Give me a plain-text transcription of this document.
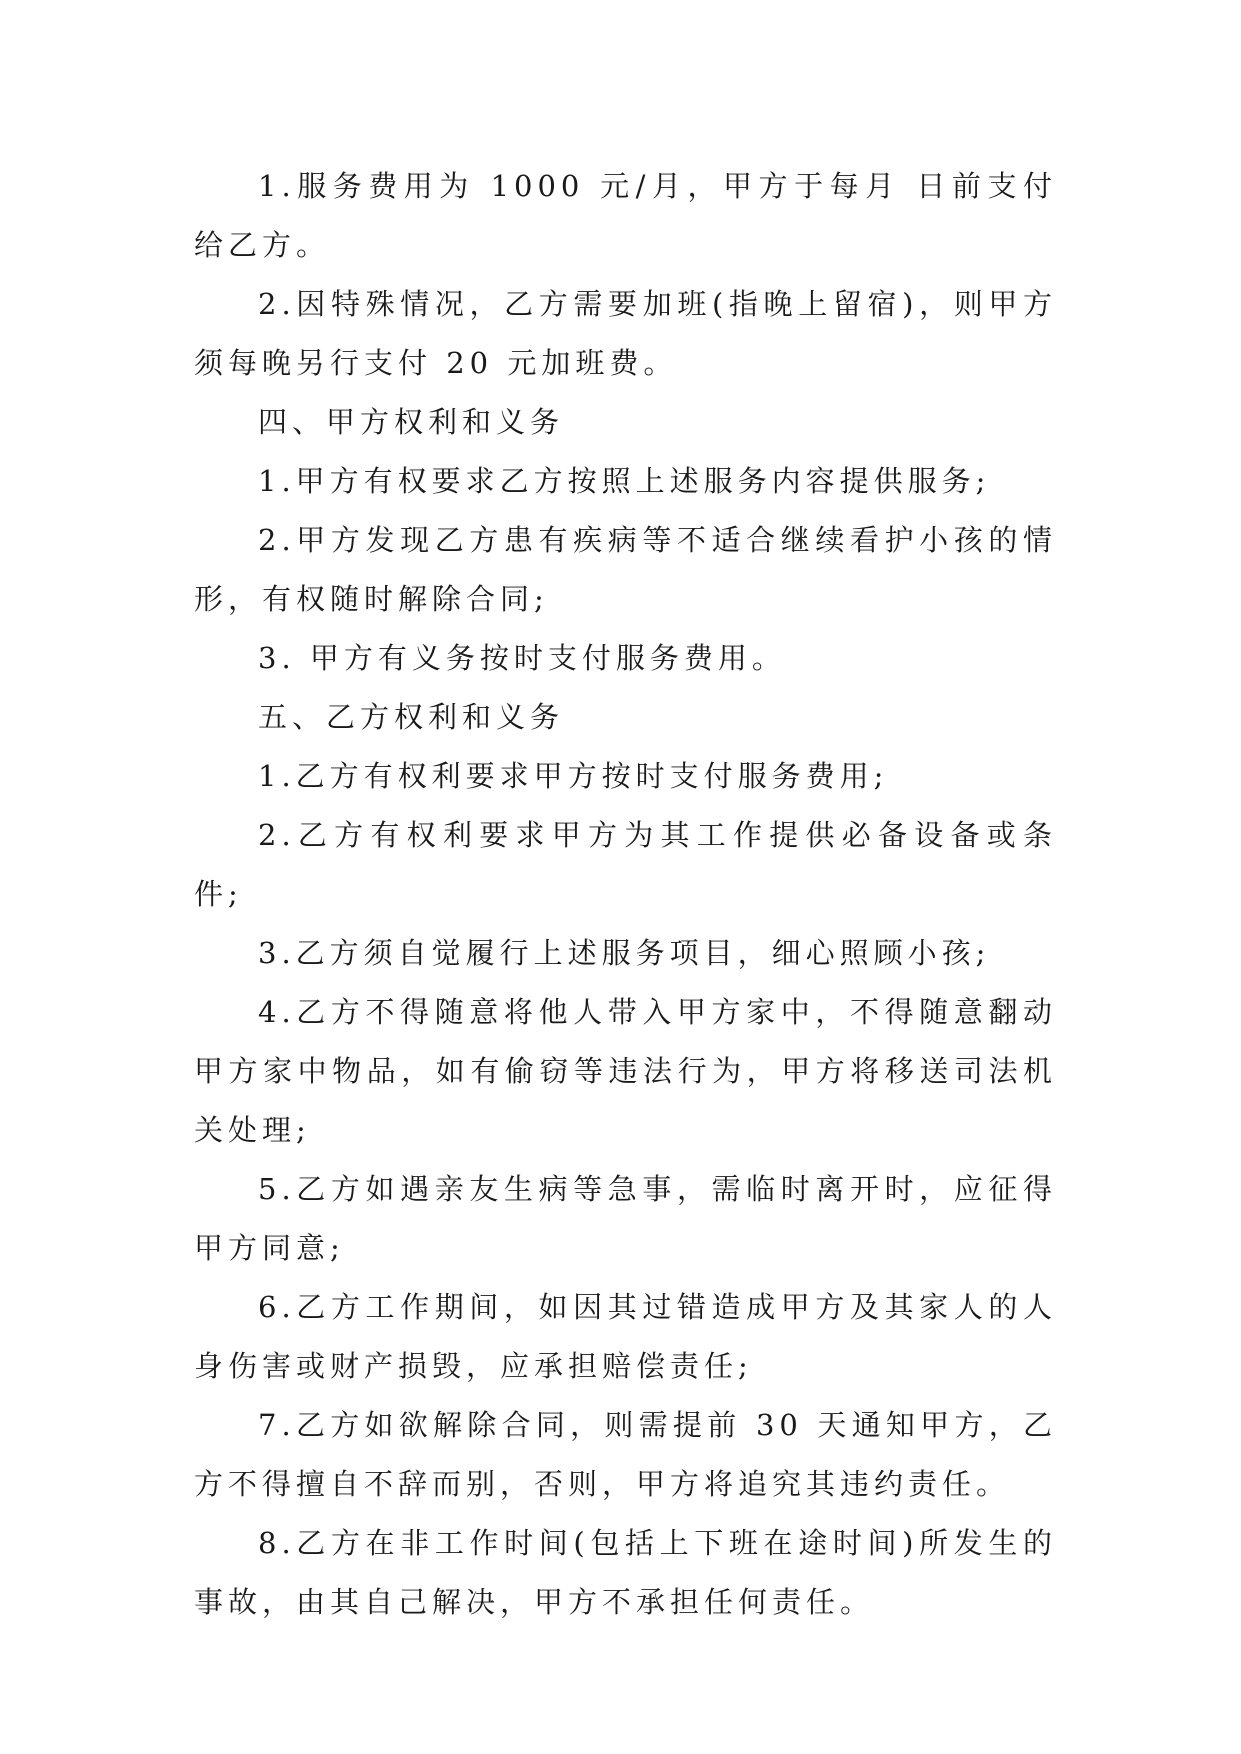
1.服务费用为 1000 元/月，甲方于每月 日前支付给乙方。

2.因特殊情况，乙方需要加班(指晚上留宿)，则甲方须每晚另行支付 20 元加班费。

四、甲方权利和义务

1.甲方有权要求乙方按照上述服务内容提供服务;

2.甲方发现乙方患有疾病等不适合继续看护小孩的情形，有权随时解除合同;

3. 甲方有义务按时支付服务费用。

五、乙方权利和义务

1.乙方有权利要求甲方按时支付服务费用;

2.乙方有权利要求甲方为其工作提供必备设备或条件;

3.乙方须自觉履行上述服务项目，细心照顾小孩;

4.乙方不得随意将他人带入甲方家中，不得随意翻动甲方家中物品，如有偷窃等违法行为，甲方将移送司法机关处理;

5.乙方如遇亲友生病等急事，需临时离开时，应征得甲方同意;

6.乙方工作期间，如因其过错造成甲方及其家人的人身伤害或财产损毁，应承担赔偿责任;

7.乙方如欲解除合同，则需提前 30 天通知甲方，乙方不得擅自不辞而别，否则，甲方将追究其违约责任。

8.乙方在非工作时间(包括上下班在途时间)所发生的事故，由其自己解决，甲方不承担任何责任。
